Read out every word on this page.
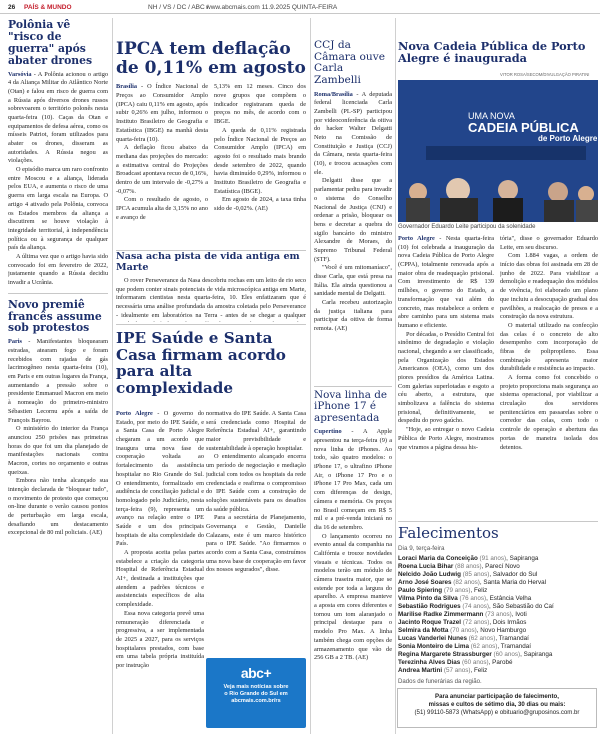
26 PAÍS & MUNDO	NH / VS / DC / ABC /
www.abcmais.com 11.9.2025 QUINTA-FEIRA
Polônia vê "risco de guerra" após abater drones

Varsóvia - A Polônia acionou o artigo 4 da Aliança Militar do Atlântico Norte (Otan) e falou em risco de guerra com a Rússia após diversos drones russos sobrevoarem o território polonês nesta quarta-feira (10). Caças da Otan e equipamentos de defesa aérea, como os mísseis Patriot, foram utilizados para abater os drones, disseram as autoridades. A Rússia negou as violações.

O episódio marca um raro confronto entre Moscou e a aliança, liderada pelos EUA, e aumenta o risco de uma guerra em larga escala na Europa. O artigo 4 ativado pela Polônia, convoca os Estados membros da aliança a discutirem se houve violação à integridade territorial, à independência política ou à segurança de qualquer país da aliança.

A última vez que o artigo havia sido convocado foi em fevereiro de 2022, justamente quando a Rússia decidiu invadir a Ucrânia.

Novo premiê francês assume sob protestos

Paris - Manifestantes bloquearam estradas, atearam fogo e foram recebidos com rajadas de gás lacrimogêneo nesta quarta-feira (10), em Paris e em outras lugares da França, aumentando a pressão sobre o presidente Emmanuel Macron em meio à nomeação do primeiro-ministro Sébastien Lecornu após a saída de François Bayrou.

O ministério do interior da França anunciou 250 prisões nas primeiras horas do que foi um dia planejado de manifestações nacionais contra Macron, cortes no orçamento e outras queixas.

Embora não tenha alcançado sua intenção declarada de "bloquear tudo", o movimento de protesto que começou on-line durante o verão causou pontos de perturbação em larga escala, desafiando um destacamento excepcional de 80 mil policiais. (AE)

IPCA tem deflação de 0,11% em agosto

Brasília - O Índice Nacional de Preços ao Consumidor Amplo (IPCA) caiu 0,11% em agosto, após subir 0,26% em julho, informou o Instituto Brasileiro de Geografia e Estatística (IBGE) na manhã desta quarta-feira (10).

A deflação ficou abaixo da mediana das projeções do mercado: a estimativa central do Projeções Broadcast apontava recuo de 0,16%, dentro de um intervalo de -0,27% a -0,07%.

Com o resultado de agosto, o IPCA acumula alta de 3,15% no ano e avanço de

5,13% em 12 meses. Cinco dos nove grupos que compõem o indicador registraram queda de preços no mês, de acordo com o IBGE.

A queda de 0,11% registrada pelo Índice Nacional de Preços ao Consumidor Amplo (IPCA) em agosto foi o resultado mais brando desde setembro de 2022, quando havia diminuído 0,29%, informou o Instituto Brasileiro de Geografia e Estatística (IBGE).

Em agosto de 2024, a taxa tinha sido de -0,02%. (AE)

Nasa acha pista de vida antiga em Marte
O rover Perseverance da Nasa descobriu rochas em um leito de rio seco que podem conter sinais potenciais de vida microscópica antiga em Marte, informaram cientistas nesta quarta-feira, 10. Eles enfatizaram que é necessária uma análise profundada da amostra coletada pelo Perseverance - idealmente em laboratórios na Terra - antes de se chegar a qualquer
IPE Saúde e Santa Casa firmam acordo para alta complexidade

Porto Alegre - O governo do Estado, por meio do IPE Saúde, e a Santa Casa de Porto Alegre chegaram a um acordo que inaugura uma nova fase de cooperação voltada ao fortalecimento da assistência hospitalar no Rio Grande do Sul. O entendimento, formalizado em audiência de conciliação judicial e homologado pelo Judiciário, nesta terça-feira (9), representa um avanço na relação entre o IPE Saúde e um dos principais hospitais de alta complexidade do País.

A proposta aceita pelas partes estabelece a criação da categoria Hospital de Referência Estadual AI+, destinada a instituições que atendem a padrões técnicos e assistenciais específicos de alta complexidade.

Essa nova categoria prevê uma remuneração diferenciada e progressiva, a ser implementada de 2025 a 2027, para os serviços hospitalares prestados, com base em uma tabela própria instituída por instrução

normativa do IPE Saúde. A Santa Casa será credenciada como Hospital de Referência Estadual AI+, garantindo maior previsibilidade e sustentabilidade à operação hospitalar.

O entendimento alcançado encerra um período de negociação e mediação judicial com todos os hospitais da rede credenciada e reafirma o compromisso do IPE Saúde com a construção de soluções sustentáveis para os desafios da saúde pública.

Para a secretária de Planejamento, Governança e Gestão, Danielle Calazans, este é um marco histórico para o IPE Saúde. "Ao firmarmos o acordo com a Santa Casa, construímos uma nova base de cooperação em favor dos nossos segurados", disse.

abc+
Veja mais notícias sobre
o Rio Grande do Sul em
abcmais.com.br/rs
CCJ da Câmara ouve Carla Zambelli

Roma/Brasília - A deputada federal licenciada Carla Zambelli (PL-SP) participou por videoconferência da oitiva do hacker Walter Delgatti Neto na Comissão de Constituição e Justiça (CCJ) da Câmara, nesta quarta-feira (10), e trocou acusações com ele.

Delgatti disse que a parlamentar pediu para invadir o sistema do Conselho Nacional de Justiça (CNJ) e ordenar a prisão, bloquear os bens e decretar a quebra do sigilo bancário do ministro Alexandre de Moraes, do Supremo Tribunal Federal (STF).

"Você é um mitomaníaco", disse Carla, que está presa na Itália. Ela ainda questionou a sanidade mental de Delgatti.

Carla recebeu autorização da justiça italiana para participar da oitiva de forma remota. (AE)

Nova linha de iPhone 17 é apresentada

Cupertino - A Apple apresentou na terça-feira (9) a nova linha de iPhones. Ao todo, são quatro modelos: o iPhone 17, o ultrafino iPhone Air, o iPhone 17 Pro e o iPhone 17 Pro Max, cada um com diferenças de design, câmera e memória. Os preços no Brasil começam em R$ 5 mil e a pré-venda iniciará no dia 16 de setembro.

O lançamento ocorreu no evento anual da companhia na Califórnia e trouxe novidades visuais e técnicas. Todos os modelos terão um módulo de câmera traseira maior, que se estende por toda a largura do aparelho. A empresa manteve a aposta em cores diferentes e tornou um tom alaranjado o principal destaque para o modelo Pro Max. A linha também chega com opções de armazenamento que vão de 256 GB a 2 TB. (AE)

Nova Cadeia Pública de Porto Alegre é inaugurada
VITOR ROSA/SECOM/DIVULGAÇÃO PIRATINI
UMA NOVA
CADEIA PÚBLICA
de Porto Alegre
Governador Eduardo Leite participou da solenidade

Porto Alegre - Nesta quarta-feira (10) foi celebrada a inauguração da nova Cadeia Pública de Porto Alegre (CPPA), totalmente renovada após a maior obra de readequação prisional. Com investimento de R$ 139 milhões, o governo do Estado, a transformação que vai além do concreto, mas restabelece a ordem e abre caminho para um sistema mais humano e eficiente.

Por décadas, o Presídio Central foi sinônimo de degradação e violação nacional, chegando a ser classificado, pela Organização dos Estados Americanos (OEA), como um dos piores presídios da América Latina. Com galerias superlotadas e esgoto a céu aberto, a estrutura, que simbolizava a falência do sistema prisional, definitivamente, se despediu do povo gaúcho.

"Hoje, ao entregar o novo Cadeia Pública de Porto Alegre, mostramos que viramos a página dessa his-

tória", disse o governador Eduardo Leite, em seu discurso.

Com 1.884 vagas, a ordem de início das obras foi assinada em 28 de junho de 2022. Para viabilizar a demolição e readequação dos módulos de vivência, foi elaborado um plano que incluiu a desocupação gradual dos pavilhões, a realocação de presos e a construção da nova estrutura.

O material utilizado na confecção das celas é o concreto de alto desempenho com incorporação de fibras de polipropileno. Essa combinação apresenta maior durabilidade e resistência ao impacto.

A forma como foi concebido o projeto proporciona mais segurança ao sistema operacional, por viabilizar a circulação dos servidores penitenciários em passarelas sobre o corredor das celas, com todo o controle de operação e abertura das portas de maneira isolada dos detentos.

Falecimentos
Dia 9, terça-feira
Loraci Maria da Conceição (91 anos), Sapiranga
Roena Lucia Bihar (88 anos), Parecí Novo
Nelcido João Ludwig (85 anos), Salvador do Sul
Arno José Soares (82 anos), Santa Maria do Herval
Paulo Spiering (79 anos), Feliz
Vilma Pinto da Silva (76 anos), Estância Velha
Sebastião Rodrigues (74 anos), São Sebastião do Caí
Marilise Radke Zimmermann (73 anos), Ivoti
Jacinto Roque Trazel (72 anos), Dois Irmãos
Selmira da Motta (70 anos), Novo Hamburgo
Lucas Vanderlei Nunes (62 anos), Tramandaí
Sonia Monteiro de Lima (62 anos), Tramandaí
Regina Margarete Strassburger (60 anos), Sapiranga
Terezinha Alves Dias (60 anos), Parobé
Andrea Martini (57 anos), Feliz
Dados de funerárias da região.
Para anunciar participação de falecimento,
missas e cultos de sétimo dia, 30 dias ou mais:
(51) 99110-5873 (WhatsApp) e obituario@gruposinos.com.br
